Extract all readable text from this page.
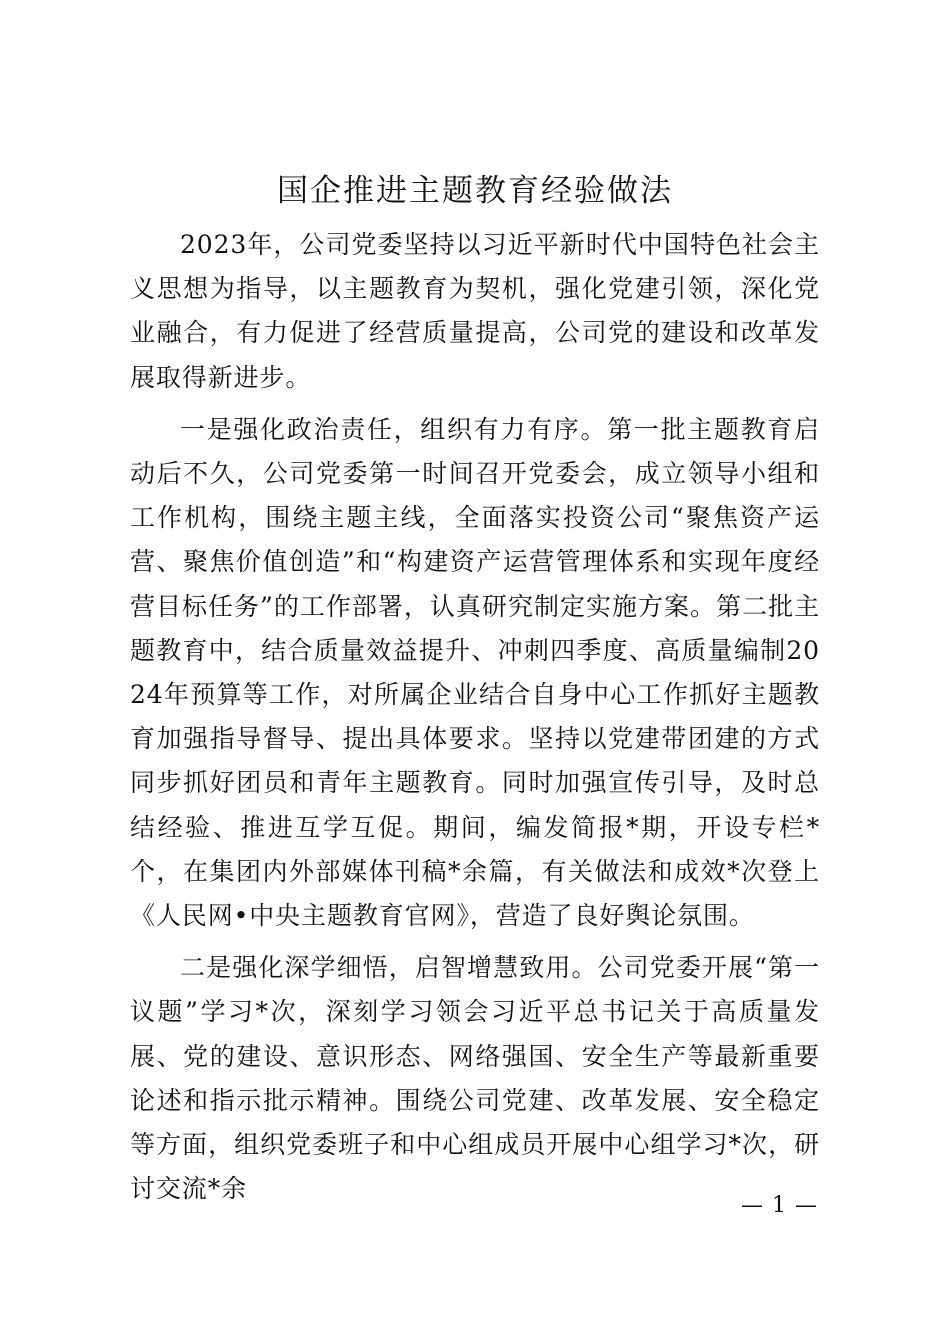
国企推进主题教育经验做法

2023年，公司党委坚持以习近平新时代中国特色社会主义思想为指导，以主题教育为契机，强化党建引领，深化党业融合，有力促进了经营质量提高，公司党的建设和改革发展取得新进步。

一是强化政治责任，组织有力有序。第一批主题教育启动后不久，公司党委第一时间召开党委会，成立领导小组和工作机构，围绕主题主线，全面落实投资公司“聚焦资产运营、聚焦价值创造”和“构建资产运营管理体系和实现年度经营目标任务”的工作部署，认真研究制定实施方案。第二批主题教育中，结合质量效益提升、冲刺四季度、高质量编制2024年预算等工作，对所属企业结合自身中心工作抓好主题教育加强指导督导、提出具体要求。坚持以党建带团建的方式同步抓好团员和青年主题教育。同时加强宣传引导，及时总结经验、推进互学互促。期间，编发简报*期，开设专栏*个，在集团内外部媒体刊稿*余篇，有关做法和成效*次登上《人民网•中央主题教育官网》，营造了良好舆论氛围。

二是强化深学细悟，启智增慧致用。公司党委开展“第一议题”学习*次，深刻学习领会习近平总书记关于高质量发展、党的建设、意识形态、网络强国、安全生产等最新重要论述和指示批示精神。围绕公司党建、改革发展、安全稳定等方面，组织党委班子和中心组成员开展中心组学习*次，研讨交流*余

— 1 —
